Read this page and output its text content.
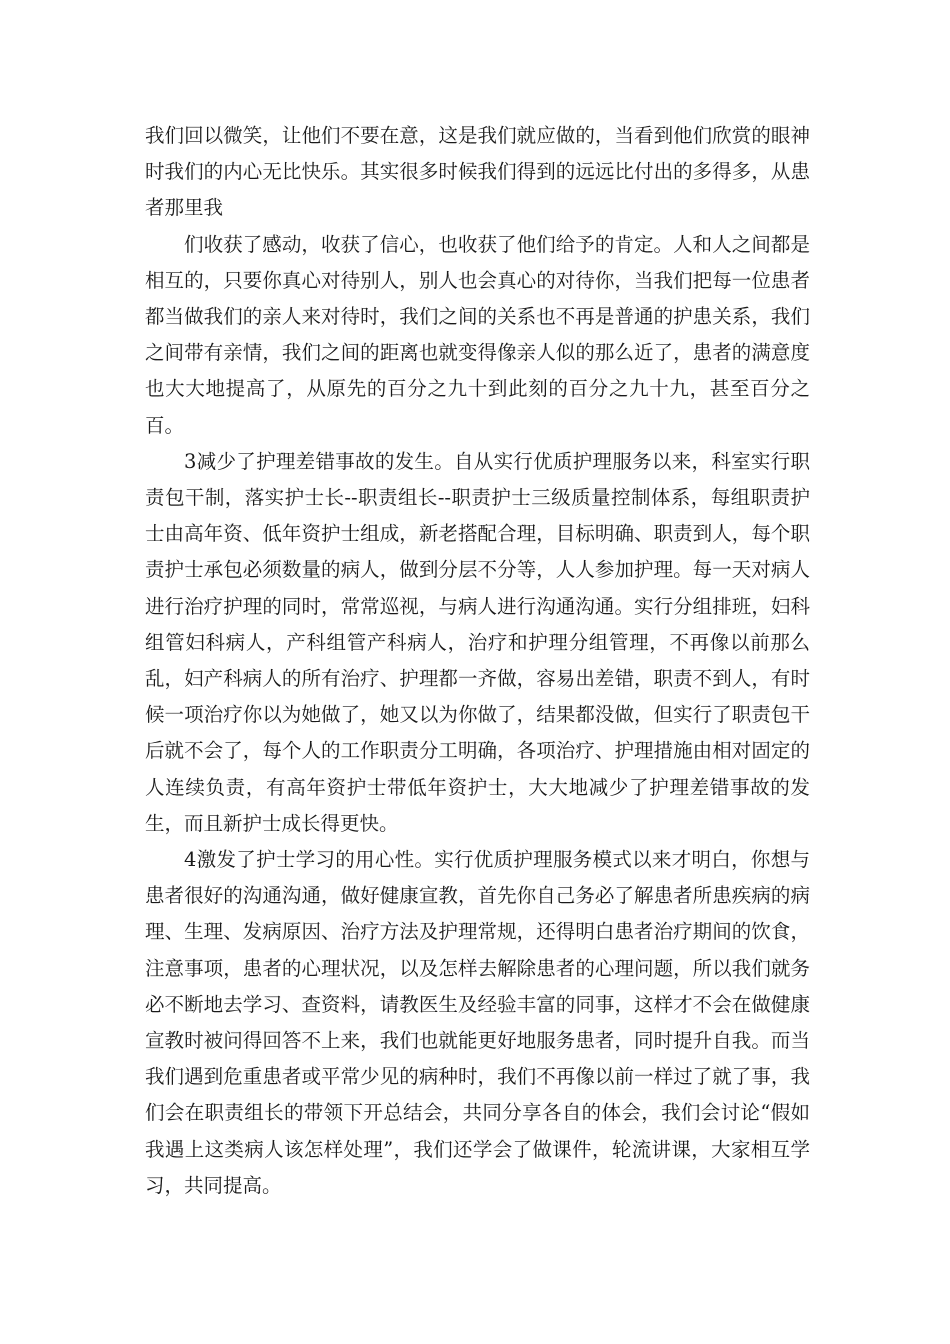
我们回以微笑，让他们不要在意，这是我们就应做的，当看到他们欣赏的眼神时我们的内心无比快乐。其实很多时候我们得到的远远比付出的多得多，从患者那里我

们收获了感动，收获了信心，也收获了他们给予的肯定。人和人之间都是相互的，只要你真心对待别人，别人也会真心的对待你，当我们把每一位患者都当做我们的亲人来对待时，我们之间的关系也不再是普通的护患关系，我们之间带有亲情，我们之间的距离也就变得像亲人似的那么近了，患者的满意度也大大地提高了，从原先的百分之九十到此刻的百分之九十九，甚至百分之百。

3减少了护理差错事故的发生。自从实行优质护理服务以来，科室实行职责包干制，落实护士长--职责组长--职责护士三级质量控制体系，每组职责护士由高年资、低年资护士组成，新老搭配合理，目标明确、职责到人，每个职责护士承包必须数量的病人，做到分层不分等，人人参加护理。每一天对病人进行治疗护理的同时，常常巡视，与病人进行沟通沟通。实行分组排班，妇科组管妇科病人，产科组管产科病人，治疗和护理分组管理，不再像以前那么乱，妇产科病人的所有治疗、护理都一齐做，容易出差错，职责不到人，有时候一项治疗你以为她做了，她又以为你做了，结果都没做，但实行了职责包干后就不会了，每个人的工作职责分工明确，各项治疗、护理措施由相对固定的人连续负责，有高年资护士带低年资护士，大大地减少了护理差错事故的发生，而且新护士成长得更快。

4激发了护士学习的用心性。实行优质护理服务模式以来才明白，你想与患者很好的沟通沟通，做好健康宣教，首先你自己务必了解患者所患疾病的病理、生理、发病原因、治疗方法及护理常规，还得明白患者治疗期间的饮食，注意事项，患者的心理状况，以及怎样去解除患者的心理问题，所以我们就务必不断地去学习、查资料，请教医生及经验丰富的同事，这样才不会在做健康宣教时被问得回答不上来，我们也就能更好地服务患者，同时提升自我。而当我们遇到危重患者或平常少见的病种时，我们不再像以前一样过了就了事，我们会在职责组长的带领下开总结会，共同分享各自的体会，我们会讨论“假如我遇上这类病人该怎样处理”，我们还学会了做课件，轮流讲课，大家相互学习，共同提高。
